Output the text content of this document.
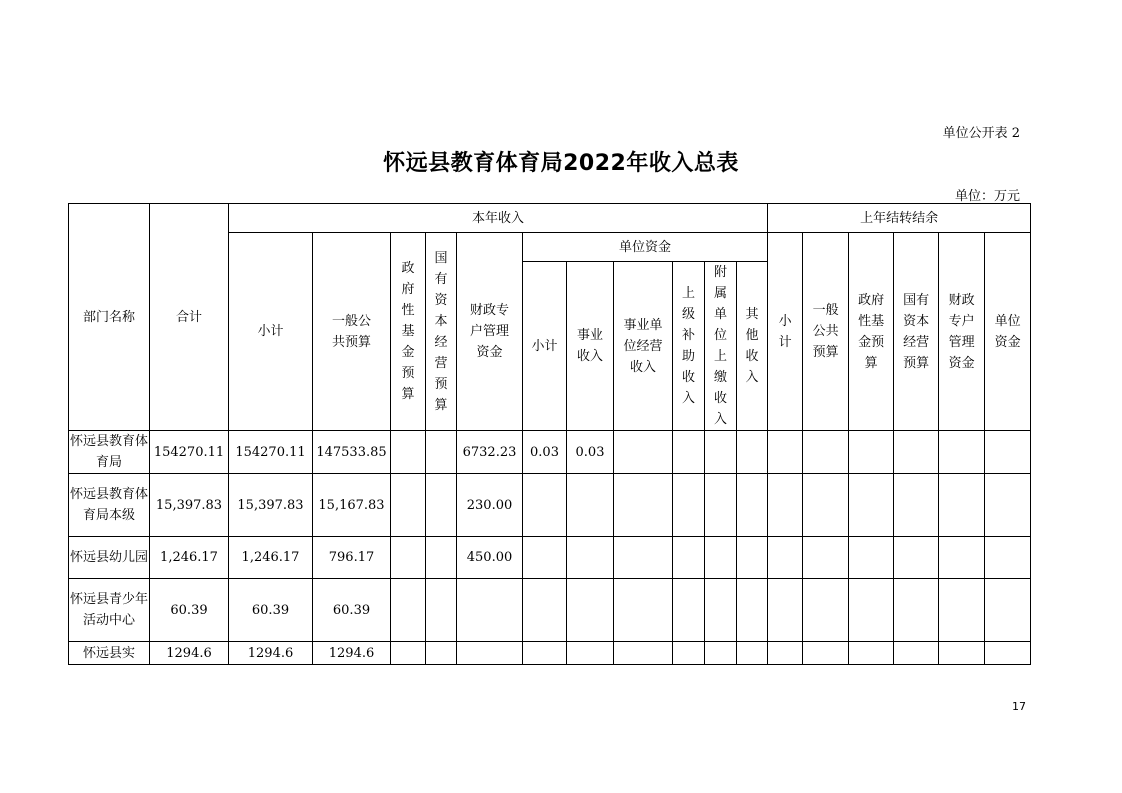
单位公开表 2
怀远县教育体育局2022年收入总表
单位：万元
部门名称	合计	本年收入											上年结转结余					
		小计	一般公共预算	政府性基金预算	国有资本经营预算	财政专户管理资金	单位资金						小计	一般公共预算	政府性基金预算	国有资本经营预算	财政专户管理资金	单位资金

							小计	事业收入	事业单位经营收入	上级补助收入	附属单位上缴收入	其他收入						

怀远县教育体育局	154270.11	154270.11	147533.85			6732.23	0.03	0.03										
怀远县教育体育局本级	15,397.83	15,397.83	15,167.83			230.00												
怀远县幼儿园	1,246.17	1,246.17	796.17			450.00												
怀远县青少年活动中心	60.39	60.39	60.39															
怀远县实	1294.6	1294.6	1294.6															
17
